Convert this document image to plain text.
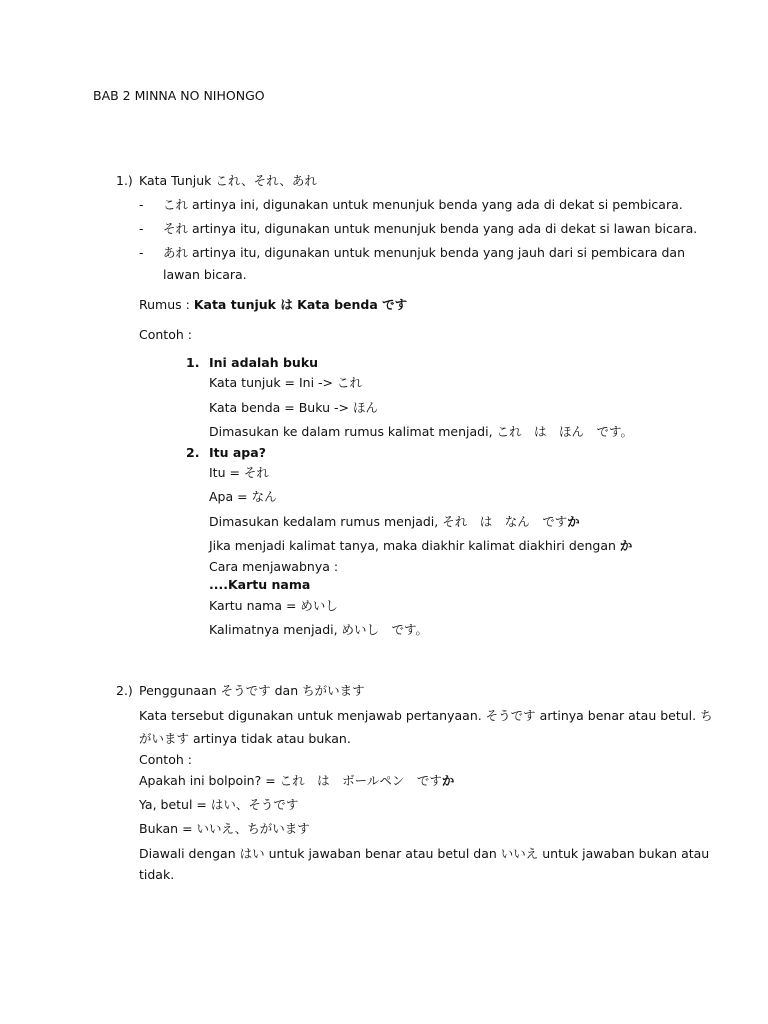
BAB 2 MINNA NO NIHONGO
1.) Kata Tunjuk これ、それ、あれ
- これ artinya ini, digunakan untuk menunjuk benda yang ada di dekat si pembicara.
- それ artinya itu, digunakan untuk menunjuk benda yang ada di dekat si lawan bicara.
- あれ artinya itu, digunakan untuk menunjuk benda yang jauh dari si pembicara dan
lawan bicara.
Rumus : Kata tunjuk は Kata benda です
Contoh :
1. Ini adalah buku
Kata tunjuk = Ini -> これ
Kata benda = Buku -> ほん
Dimasukan ke dalam rumus kalimat menjadi, これ　は　ほん　です。
2. Itu apa?
Itu = それ
Apa = なん
Dimasukan kedalam rumus menjadi, それ　は　なん　ですか
Jika menjadi kalimat tanya, maka diakhir kalimat diakhiri dengan か
Cara menjawabnya :
....Kartu nama
Kartu nama = めいし
Kalimatnya menjadi, めいし　です。
2.) Penggunaan そうです dan ちがいます
Kata tersebut digunakan untuk menjawab pertanyaan. そうです artinya benar atau betul. ち
がいます artinya tidak atau bukan.
Contoh :
Apakah ini bolpoin? = これ　は　ボールペン　ですか
Ya, betul = はい、そうです
Bukan = いいえ、ちがいます
Diawali dengan はい untuk jawaban benar atau betul dan いいえ untuk jawaban bukan atau
tidak.
